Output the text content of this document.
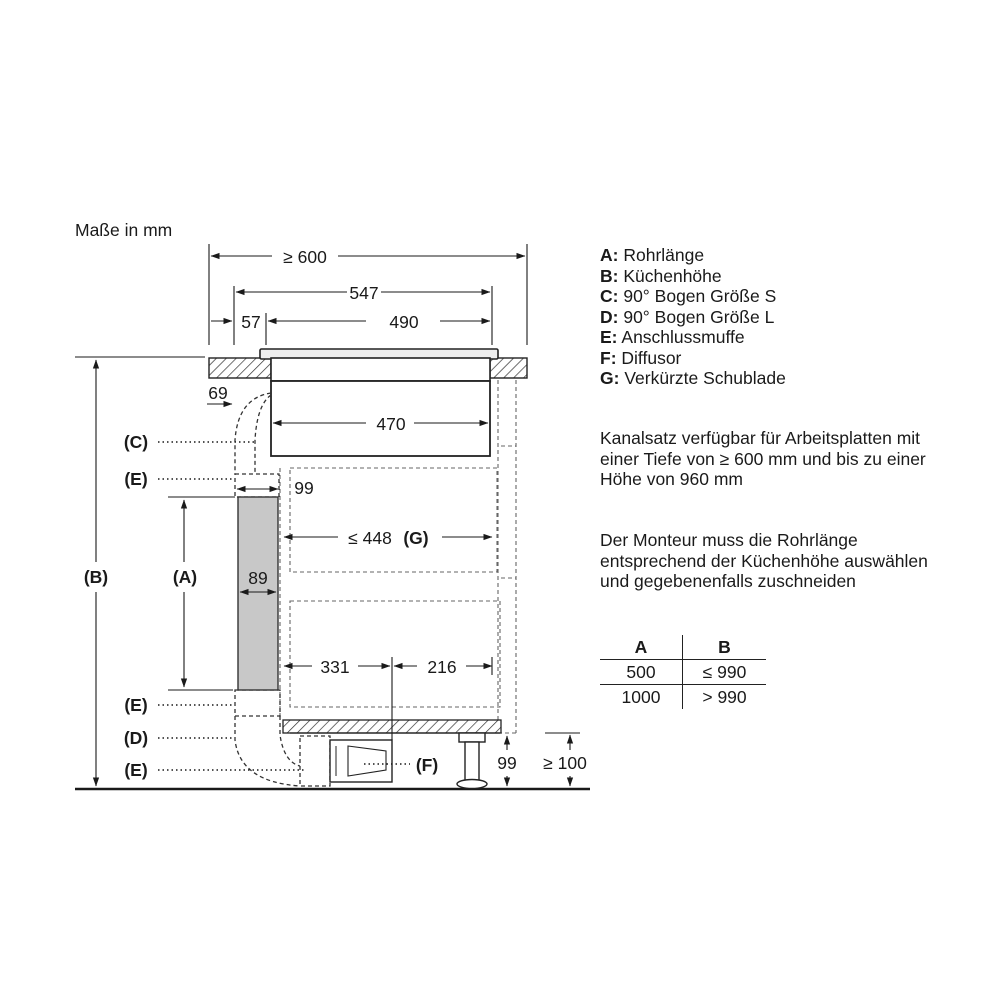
Maße in mm
≥ 600
547
57	490
69
470
99
89
≤ 448 (G)
331	216
99 ≥ 100
(B)	(A)
(C)
(E)
(E)
(D)
(E)	(F)
A: Rohrlänge
B: Küchenhöhe
C: 90° Bogen Größe S
D: 90° Bogen Größe L
E: Anschlussmuffe
F: Diffusor
G: Verkürzte Schublade
Kanalsatz verfügbar für Arbeitsplatten mit einer Tiefe von ≥ 600 mm und bis zu einer Höhe von 960 mm
Der Monteur muss die Rohrlänge entsprechend der Küchenhöhe auswählen und gegebenenfalls zuschneiden
A	B
500	≤ 990
1000	> 990
